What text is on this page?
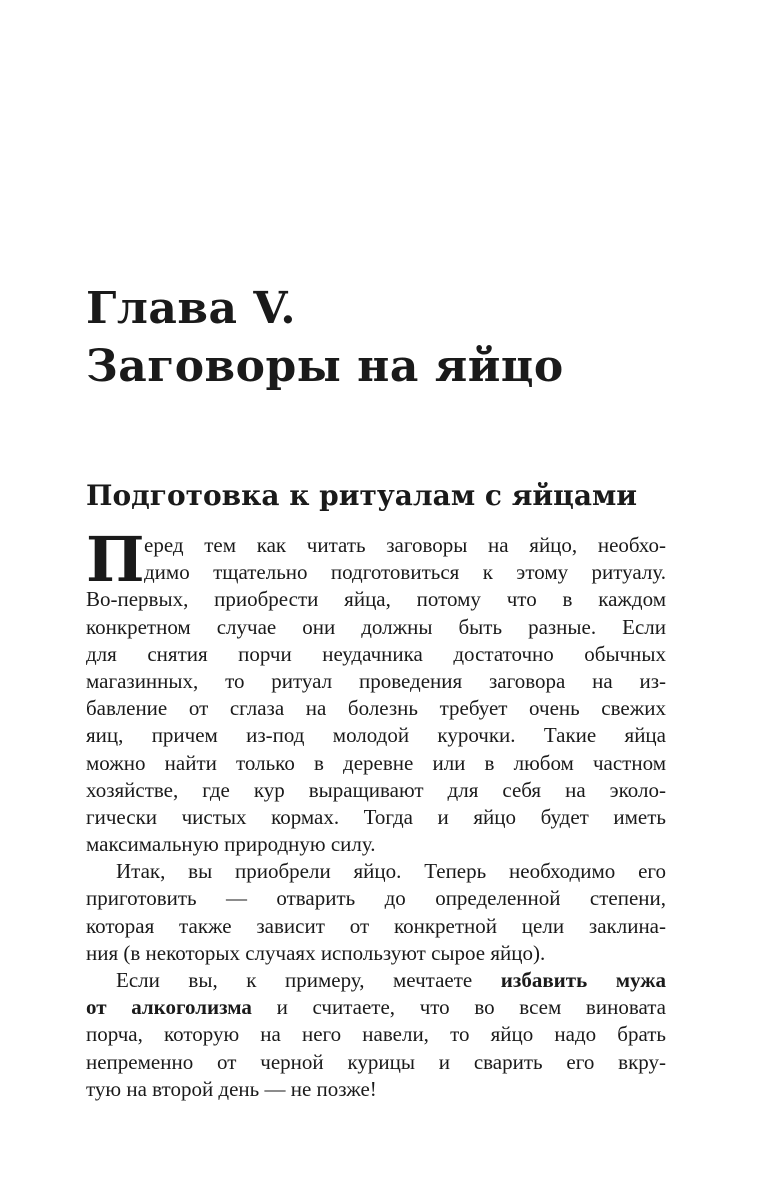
Глава V.
Заговоры на яйцо
Подготовка к ритуалам с яйцами
П еред тем как читать заговоры на яйцо, необхо-
димо тщательно подготовиться к этому ритуалу.
Во-первых, приобрести яйца, потому что в каждом
конкретном случае они должны быть разные. Если
для снятия порчи неудачника достаточно обычных
магазинных, то ритуал проведения заговора на из-
бавление от сглаза на болезнь требует очень свежих
яиц, причем из-под молодой курочки. Такие яйца
можно найти только в деревне или в любом частном
хозяйстве, где кур выращивают для себя на эколо-
гически чистых кормах. Тогда и яйцо будет иметь
максимальную природную силу.
Итак, вы приобрели яйцо. Теперь необходимо его
приготовить — отварить до определенной степени,
которая также зависит от конкретной цели заклина-
ния (в некоторых случаях используют сырое яйцо).
Если вы, к примеру, мечтаете избавить мужа
от алкоголизма и считаете, что во всем виновата
порча, которую на него навели, то яйцо надо брать
непременно от черной курицы и сварить его вкру-
тую на второй день — не позже!
